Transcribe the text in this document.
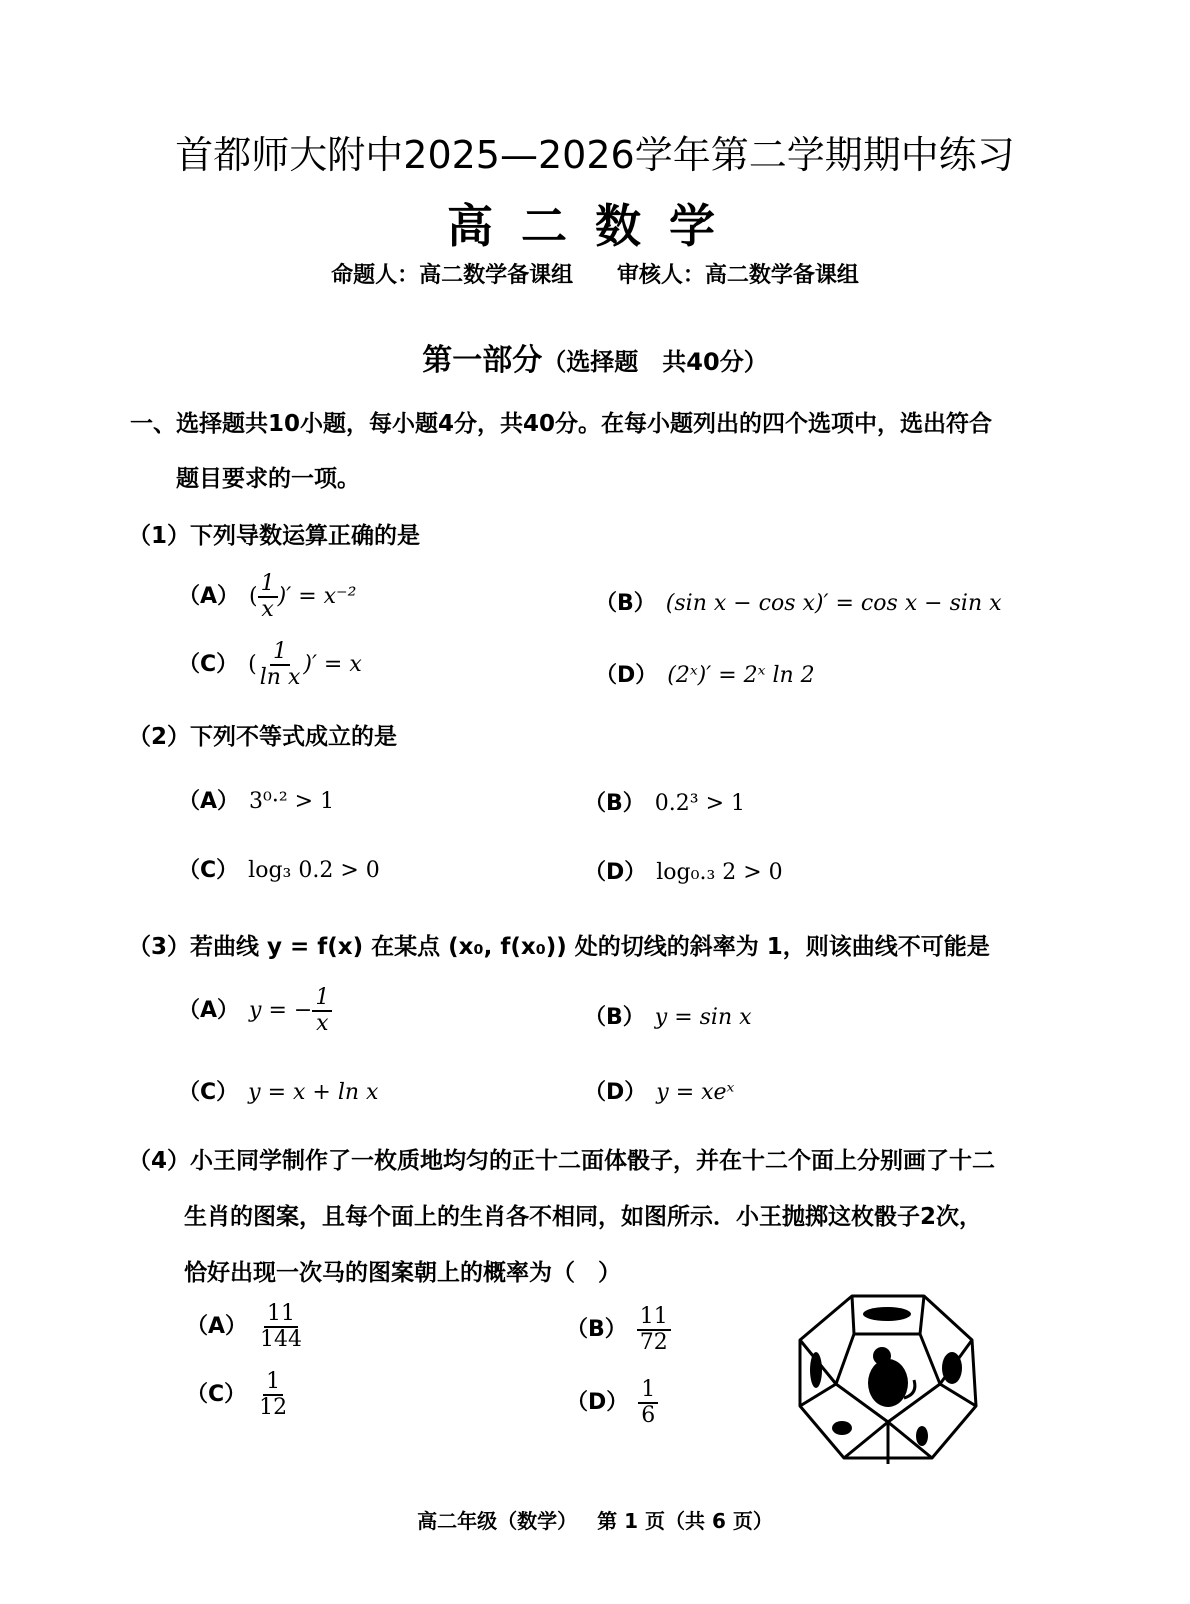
首都师大附中2025—2026学年第二学期期中练习
高二数学
命题人：高二数学备课组 审核人：高二数学备课组
第一部分（选择题　共40分）
一、选择题共10小题，每小题4分，共40分。在每小题列出的四个选项中，选出符合
题目要求的一项。
（1）下列导数运算正确的是
（A） ( $\frac{1}{x}$ )′ = x⁻²	（B） (sin x − cos x)′ = cos x − sin x
（C） ( $\frac{1}{\text{ln x}}$ )′ = x	（D） (2ˣ)′ = 2ˣ ln 2
（2）下列不等式成立的是
（A） 3⁰·² > 1	（B） 0.2³ > 1
（C） log₃ 0.2 > 0	（D） log₀.₃ 2 > 0
（3）若曲线 y = f(x) 在某点 (x₀, f(x₀)) 处的切线的斜率为 1，则该曲线不可能是
（A） y = − $\frac{1}{x}$	（B） y = sin x
（C） y = x + ln x	（D） y = xeˣ
（4）小王同学制作了一枚质地均匀的正十二面体骰子，并在十二个面上分别画了十二
生肖的图案，且每个面上的生肖各不相同，如图所示．小王抛掷这枚骰子2次，
恰好出现一次马的图案朝上的概率为（　）
$(A) \frac{11}{144}$	$(B) \frac{11}{72}$
$(C) \frac{1}{12}$	$(D) \frac{1}{6}$
高二年级（数学） 第 1 页（共 6 页）
